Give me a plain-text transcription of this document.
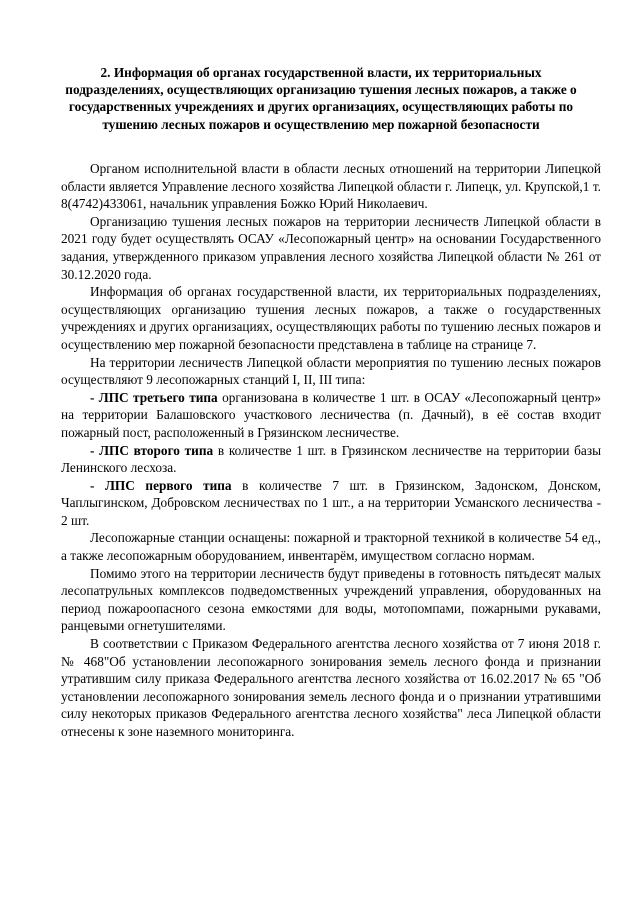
2. Информация об органах государственной власти, их территориальных подразделениях, осуществляющих организацию тушения лесных пожаров, а также о государственных учреждениях и других организациях, осуществляющих работы по тушению лесных пожаров и осуществлению мер пожарной безопасности

Органом исполнительной власти в области лесных отношений на территории Липецкой области является Управление лесного хозяйства Липецкой области г. Липецк, ул. Крупской,1 т. 8(4742)433061, начальник управления Божко Юрий Николаевич.

Организацию тушения лесных пожаров на территории лесничеств Липецкой области в 2021 году будет осуществлять ОСАУ «Лесопожарный центр» на основании Государственного задания, утвержденного приказом управления лесного хозяйства Липецкой области № 261 от 30.12.2020 года.

Информация об органах государственной власти, их территориальных подразделениях, осуществляющих организацию тушения лесных пожаров, а также о государственных учреждениях и других организациях, осуществляющих работы по тушению лесных пожаров и осуществлению мер пожарной безопасности представлена в таблице на странице 7.

На территории лесничеств Липецкой области мероприятия по тушению лесных пожаров осуществляют 9 лесопожарных станций I, II, III типа:

- ЛПС третьего типа организована в количестве 1 шт. в ОСАУ «Лесопожарный центр» на территории Балашовского участкового лесничества (п. Дачный), в её состав входит пожарный пост, расположенный в Грязинском лесничестве.

- ЛПС второго типа в количестве 1 шт. в Грязинском лесничестве на территории базы Ленинского лесхоза.

- ЛПС первого типа в количестве 7 шт. в Грязинском, Задонском, Донском, Чаплыгинском, Добровском лесничествах по 1 шт., а на территории Усманского лесничества - 2 шт.

Лесопожарные станции оснащены: пожарной и тракторной техникой в количестве 54 ед., а также лесопожарным оборудованием, инвентарём, имуществом согласно нормам.

Помимо этого на территории лесничеств будут приведены в готовность пятьдесят малых лесопатрульных комплексов подведомственных учреждений управления, оборудованных на период пожароопасного сезона емкостями для воды, мотопомпами, пожарными рукавами, ранцевыми огнетушителями.

В соответствии с Приказом Федерального агентства лесного хозяйства от 7 июня 2018 г. № 468"Об установлении лесопожарного зонирования земель лесного фонда и признании утратившим силу приказа Федерального агентства лесного хозяйства от 16.02.2017 № 65 "Об установлении лесопожарного зонирования земель лесного фонда и о признании утратившими силу некоторых приказов Федерального агентства лесного хозяйства" леса Липецкой области отнесены к зоне наземного мониторинга.
